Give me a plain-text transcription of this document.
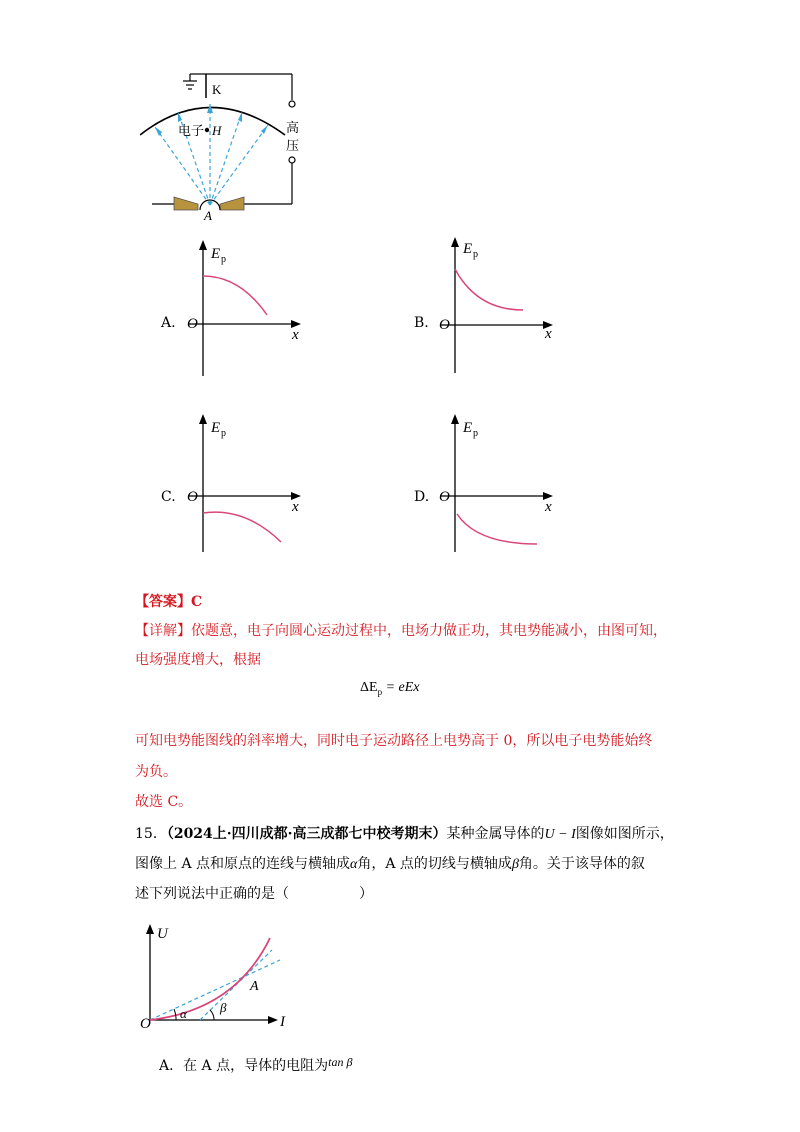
K
电子 H	高
压
A
A.
E p
O
x
B.
E p
O
x
C.
E p
O
x
D.
E p
O
x
【答案】C
【详解】依题意，电子向圆心运动过程中，电场力做正功，其电势能减小，由图可知，
电场强度增大，根据
$\Delta E_p$ = eEx
可知电势能图线的斜率增大，同时电子运动路径上电势高于 0，所以电子电势能始终
为负。
故选 C。
15．（2024上·四川成都·高三成都七中校考期末）某种金属导体的U − I图像如图所示，
图像上 A 点和原点的连线与横轴成α角，A 点的切线与横轴成β角。关于该导体的叙
述下列说法中正确的是（　　　　　）
U
O	I
α	β
A
A．在 A 点，导体的电阻为tan β
